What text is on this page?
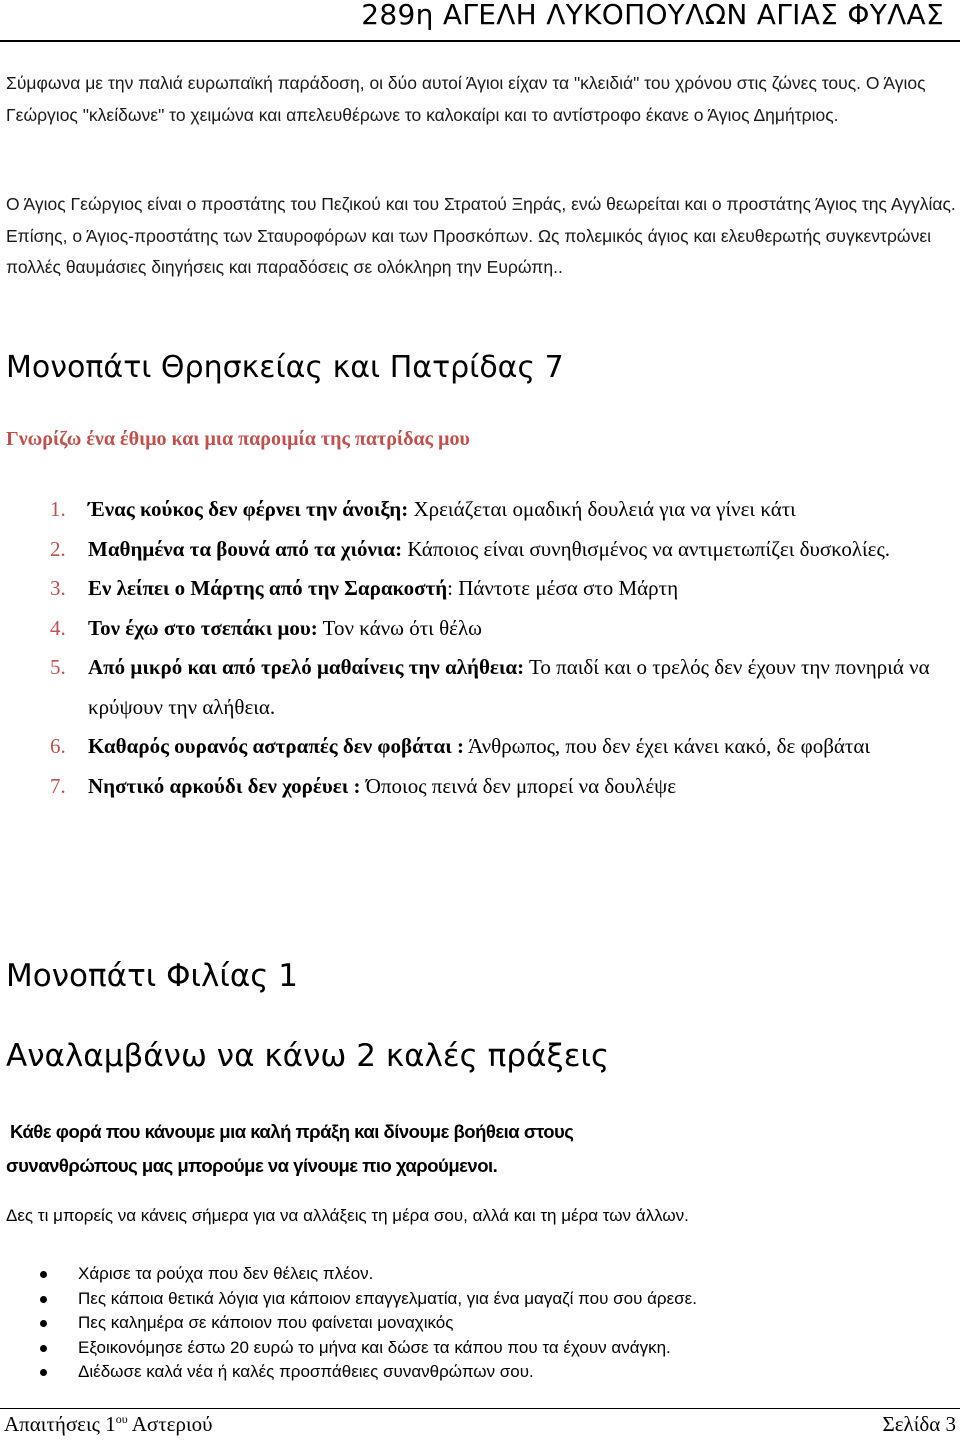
289η ΑΓΕΛΗ ΛΥΚΟΠΟΥΛΩΝ ΑΓΙΑΣ ΦΥΛΑΣ
Σύμφωνα με την παλιά ευρωπαϊκή παράδοση, οι δύο αυτοί Άγιοι είχαν τα "κλειδιά" του χρόνου στις ζώνες τους. Ο Άγιος Γεώργιος "κλείδωνε" το χειμώνα και απελευθέρωνε το καλοκαίρι και το αντίστροφο έκανε ο Άγιος Δημήτριος.
Ο Άγιος Γεώργιος είναι ο προστάτης του Πεζικού και του Στρατού Ξηράς, ενώ θεωρείται και ο προστάτης Άγιος της Αγγλίας. Επίσης, ο Άγιος-προστάτης των Σταυροφόρων και των Προσκόπων. Ως πολεμικός άγιος και ελευθερωτής συγκεντρώνει πολλές θαυμάσιες διηγήσεις και παραδόσεις σε ολόκληρη την Ευρώπη..
Μονοπάτι Θρησκείας και Πατρίδας 7
Γνωρίζω ένα έθιμο και μια παροιμία της πατρίδας μου
1. Ένας κούκος δεν φέρνει την άνοιξη: Χρειάζεται ομαδική δουλειά για να γίνει κάτι
2. Μαθημένα τα βουνά από τα χιόνια: Κάποιος είναι συνηθισμένος να αντιμετωπίζει δυσκολίες.
3. Εν λείπει ο Μάρτης από την Σαρακοστή: Πάντοτε μέσα στο Μάρτη
4. Τον έχω στο τσεπάκι μου: Τον κάνω ότι θέλω
5. Από μικρό και από τρελό μαθαίνεις την αλήθεια: Το παιδί και ο τρελός δεν έχουν την πονηριά να κρύψουν την αλήθεια.
6. Καθαρός ουρανός αστραπές δεν φοβάται : Άνθρωπος, που δεν έχει κάνει κακό, δε φοβάται
7. Νηστικό αρκούδι δεν χορέυει : Όποιος πεινά δεν μπορεί να δουλέψε
Μονοπάτι Φιλίας 1
Αναλαμβάνω να κάνω 2 καλές πράξεις
Κάθε φορά που κάνουμε μια καλή πράξη και δίνουμε βοήθεια στους
συνανθρώπους μας μπορούμε να γίνουμε πιο χαρούμενοι.
Δες τι μπορείς να κάνεις σήμερα για να αλλάξεις τη μέρα σου, αλλά και τη μέρα των άλλων.
Χάρισε τα ρούχα που δεν θέλεις πλέον.
Πες κάποια θετικά λόγια για κάποιον επαγγελματία, για ένα μαγαζί που σου άρεσε.
Πες καλημέρα σε κάποιον που φαίνεται μοναχικός
Εξοικονόμησε έστω 20 ευρώ το μήνα και δώσε τα κάπου που τα έχουν ανάγκη.
Διέδωσε καλά νέα ή καλές προσπάθειες συνανθρώπων σου.
Απαιτήσεις $1^{o\upsilon}$ Αστεριού	Σελίδα 3
